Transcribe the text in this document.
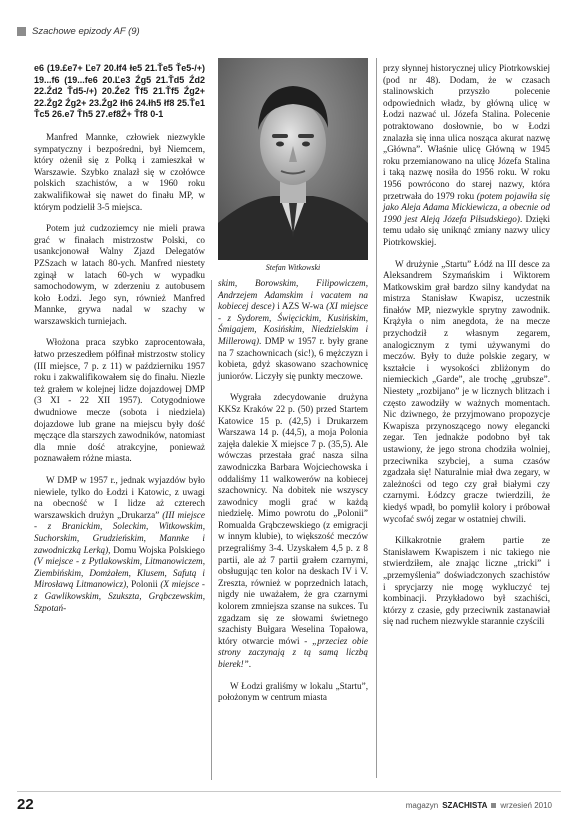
Szachowe epizody AF (9)
e6 (19.£e7+ Ľe7 20.łf4 łe5 21.Ťe5 Ťe5-/+) 19...f6 (19...fe6 20.Ľe3 Źg5 21.Ťd5 Źd2 22.Źd2 Ťd5-/+) 20.Źe2 Ťf5 21.Ťf5 Źg2+ 22.Źg2 Źg2+ 23.Źg2 łh6 24.łh5 łf8 25.Ťe1 Ťc5 26.e7 Ťh5 27.ef8Ź+ Ťf8 0-1

Manfred Mannke, człowiek niezwykle sympatyczny i bezpośredni, był Niemcem, który ożenił się z Polką i zamieszkał w Warszawie. Szybko znalazł się w czołówce polskich szachistów, a w 1960 roku zakwalifikował się nawet do finału MP, w którym podzielił 3-5 miejsca.

Potem już cudzoziemcy nie mieli prawa grać w finałach mistrzostw Polski, co usankcjonował Walny Zjazd Delegatów PZSzach w latach 80-ych. Manfred niestety zginął w latach 60-ych w wypadku samochodowym, w zderzeniu z autobusem koło Łodzi. Jego syn, również Manfred Mannke, grywa nadal w szachy w warszawskich turniejach.

Włożona praca szybko zaprocentowała, łatwo przeszedłem półfinał mistrzostw stolicy (III miejsce, 7 p. z 11) w październiku 1957 roku i zakwalifikowałem się do finału. Niezle też grałem w kolejnej lidze dojazdowej DMP (3 XI - 22 XII 1957). Cotygodniowe dwudniowe mecze (sobota i niedziela) dojazdowe lub grane na miejscu były dość męczące dla starszych zawodników, natomiast dla mnie dość atrakcyjne, ponieważ poznawałem różne miasta.

W DMP w 1957 r., jednak wyjazdów było niewiele, tylko do Łodzi i Katowic, z uwagi na obecność w I lidze aż czterech warszawskich drużyn „Drukarza” (III miejsce - z Branickim, Soleckim, Witkowskim, Suchorskim, Grudzieńskim, Mannke i zawodniczką Lerką), Domu Wojska Polskiego (V miejsce - z Pytlakowskim, Litmanowiczem, Ziembińskim, Domżałem, Klusem, Safutą i Mirosławą Litmanowicz), Polonii (X miejsce - z Gawlikowskim, Szukszta, Grąbczewskim, Szpotań-

Stefan Witkowski

skim, Borowskim, Filipowiczem, Andrzejem Adamskim i vacatem na kobiecej desce) i AZS W-wa (XI miejsce - z Sydorem, Święcickim, Kusińskim, Śmigajem, Kosińskim, Niedzielskim i Millerową). DMP w 1957 r. były grane na 7 szachownicach (sic!), 6 mężczyzn i kobieta, gdyż skasowano szachownicę juniorów. Liczyły się punkty meczowe.

Wygrała zdecydowanie drużyna KKSz Kraków 22 p. (50) przed Startem Katowice 15 p. (42,5) i Drukarzem Warszawa 14 p. (44,5), a moja Polonia zajęła dalekie X miejsce 7 p. (35,5). Ale wówczas przestała grać nasza silna zawodniczka Barbara Wojciechowska i oddaliśmy 11 walkowerów na kobiecej szachownicy. Na dobitek nie wszyscy zawodnicy mogli grać w każdą niedzielę. Mimo powrotu do „Polonii” Romualda Grąbczewskiego (z emigracji w innym klubie), to większość meczów przegraliśmy 3-4. Uzyskałem 4,5 p. z 8 partii, ale aż 7 partii grałem czarnymi, obsługując ten kolor na deskach IV i V. Zreszta, również w poprzednich latach, nigdy nie uważałem, że gra czarnymi kolorem zmniejsza szanse na sukces. Tu zgadzam się ze słowami świetnego szachisty Bułgara Weselina Topałowa, który otwarcie mówi - „przeciez obie strony zaczynają z tą samą liczbą bierek!”.

W Łodzi graliśmy w lokalu „Startu”, położonym w centrum miasta

przy słynnej historycznej ulicy Piotrkowskiej (pod nr 48). Dodam, że w czasach stalinowskich przyszło polecenie odpowiednich władz, by główną ulicę w Łodzi nazwać ul. Józefa Stalina. Polecenie potraktowano dosłownie, bo w Łodzi znalazła się inna ulica nosząca akurat nazwę „Główna”. Właśnie ulicę Główną w 1945 roku przemianowano na ulicę Józefa Stalina i taką nazwę nosiła do 1956 roku. W roku 1956 powrócono do starej nazwy, która przetrwała do 1979 roku (potem pojawiła się jako Aleja Adama Mickiewicza, a obecnie od 1990 jest Aleją Józefa Piłsudskiego). Dzięki temu udało się uniknąć zmiany nazwy ulicy Piotrkowskiej.

W drużynie „Startu” Łódź na III desce za Aleksandrem Szymańskim i Wiktorem Matkowskim grał bardzo silny kandydat na mistrza Stanisław Kwapisz, uczestnik finałów MP, niezwykle sprytny zawodnik. Krążyła o nim anegdota, że na mecze przychodził z własnym zegarem, analogicznym z tymi używanymi do meczów. Były to duże polskie zegary, w kształcie i wysokości zbliżonym do niemieckich „Garde”, ale trochę „grubsze”. Niestety „rozbijano” je w licznych blitzach i często zawodziły w ważnych momentach. Nic dziwnego, że przyjmowano propozycje Kwapisza przynoszącego nowy elegancki zegar. Ten jednakże podobno był tak ustawiony, że jego strona chodziła wolniej, przeciwnika szybciej, a suma czasów zgadzała się! Naturalnie miał dwa zegary, w zależności od tego czy grał białymi czy czarnymi. Łódzcy gracze twierdzili, że kiedyś wpadł, bo pomylił kolory i próbował wycofać swój zegar w ostatniej chwili.

Kilkakrotnie grałem partie ze Stanisławem Kwapiszem i nic takiego nie stwierdziłem, ale znając liczne „tricki” i „przemyślenia” doświadczonych szachistów i sprycjarzy nie mogę wykluczyć tej kombinacji. Przykładowo był szachiści, którzy z czasie, gdy przeciwnik zastanawiał się nad ruchem niezwykle starannie czyścili

22	magazyn SZACHISTA wrzesień 2010
